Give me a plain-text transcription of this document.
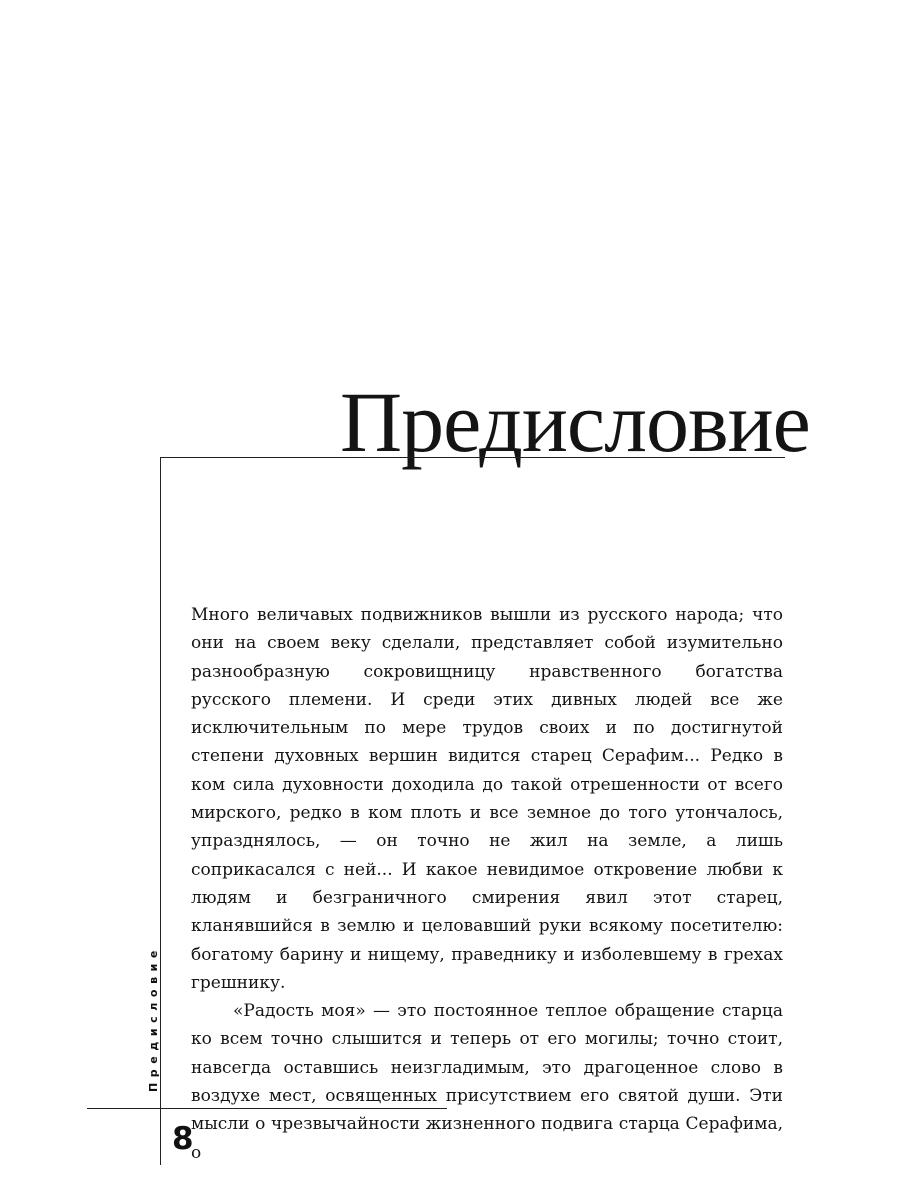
Предисловие
Предисловие
8

Много величавых подвижников вышли из русского народа; что они на своем веку сделали, представляет собой изумительно разнообразную сокровищницу нравственного богатства русского племени. И среди этих дивных людей все же исключительным по мере трудов своих и по достигнутой степени духовных вершин видится старец Серафим... Редко в ком сила духовности доходила до такой отрешенности от всего мирского, редко в ком плоть и все земное до того утончалось, упразднялось, — он точно не жил на земле, а лишь соприкасался с ней... И какое невидимое откровение любви к людям и безграничного смирения явил этот старец, кланявшийся в землю и целовавший руки всякому посетителю: богатому барину и нищему, праведнику и изболевшему в грехах грешнику.

«Радость моя» — это постоянное теплое обращение старца ко всем точно слышится и теперь от его могилы; точно стоит, навсегда оставшись неизгладимым, это драгоценное слово в воздухе мест, освященных присутствием его святой души. Эти мысли о чрезвычайности жизненного подвига старца Серафима, о
